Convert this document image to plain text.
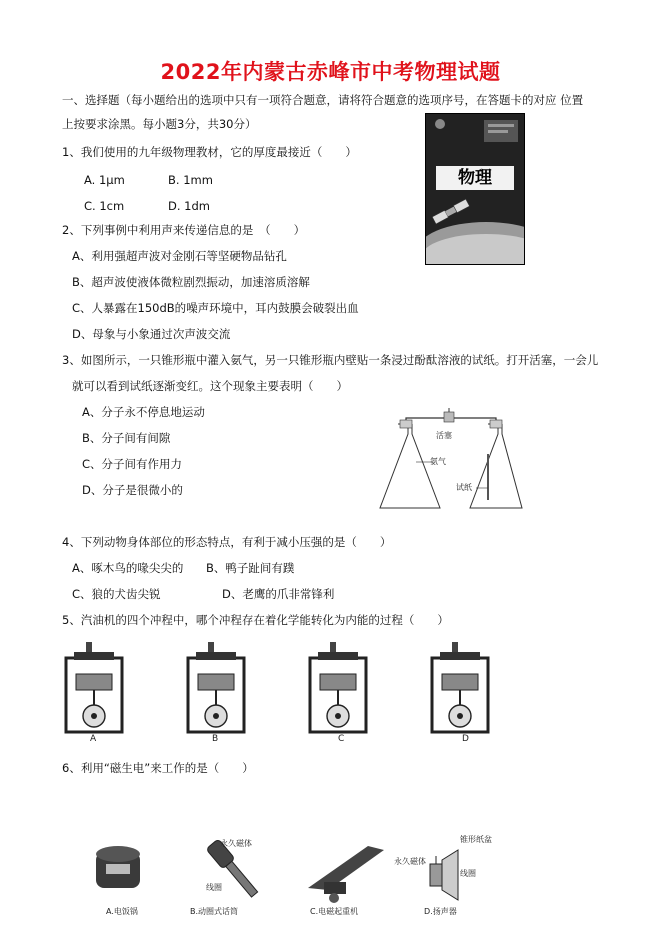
2022年内蒙古赤峰市中考物理试题
一、选择题（每小题给出的选项中只有一项符合题意，请将符合题意的选项序号，在答题卡的对应 位置
上按要求涂黑。每小题3分，共30分）
1、我们使用的九年级物理教材，它的厚度最接近（　　）
A. 1μm	B. 1mm
C. 1cm	D. 1dm
物理
2、下列事例中利用声来传递信息的是　（　　）
A、利用强超声波对金刚石等坚硬物品钻孔
B、超声波使液体微粒剧烈振动，加速溶质溶解
C、人暴露在150dB的噪声环境中，耳内鼓膜会破裂出血
D、母象与小象通过次声波交流
3、如图所示，一只锥形瓶中灌入氨气，另一只锥形瓶内壁贴一条浸过酚酞溶液的试纸。打开活塞，一会儿
就可以看到试纸逐渐变红。这个现象主要表明（　　）
A、分子永不停息地运动
B、分子间有间隙
C、分子间有作用力
D、分子是很微小的
活塞
氨气
试纸
4、下列动物身体部位的形态特点，有利于减小压强的是（　　）
A、啄木鸟的喙尖尖的 B、鸭子趾间有蹼
C、狼的犬齿尖锐	D、老鹰的爪非常锋利
5、汽油机的四个冲程中，哪个冲程存在着化学能转化为内能的过程（　　）
A	B	C	D
6、利用“磁生电”来工作的是（　　）
A.电饭锅	B.动圈式话筒	C.电磁起重机	D.扬声器
永久磁体
线圈
锥形纸盆
永久磁体
线圈
